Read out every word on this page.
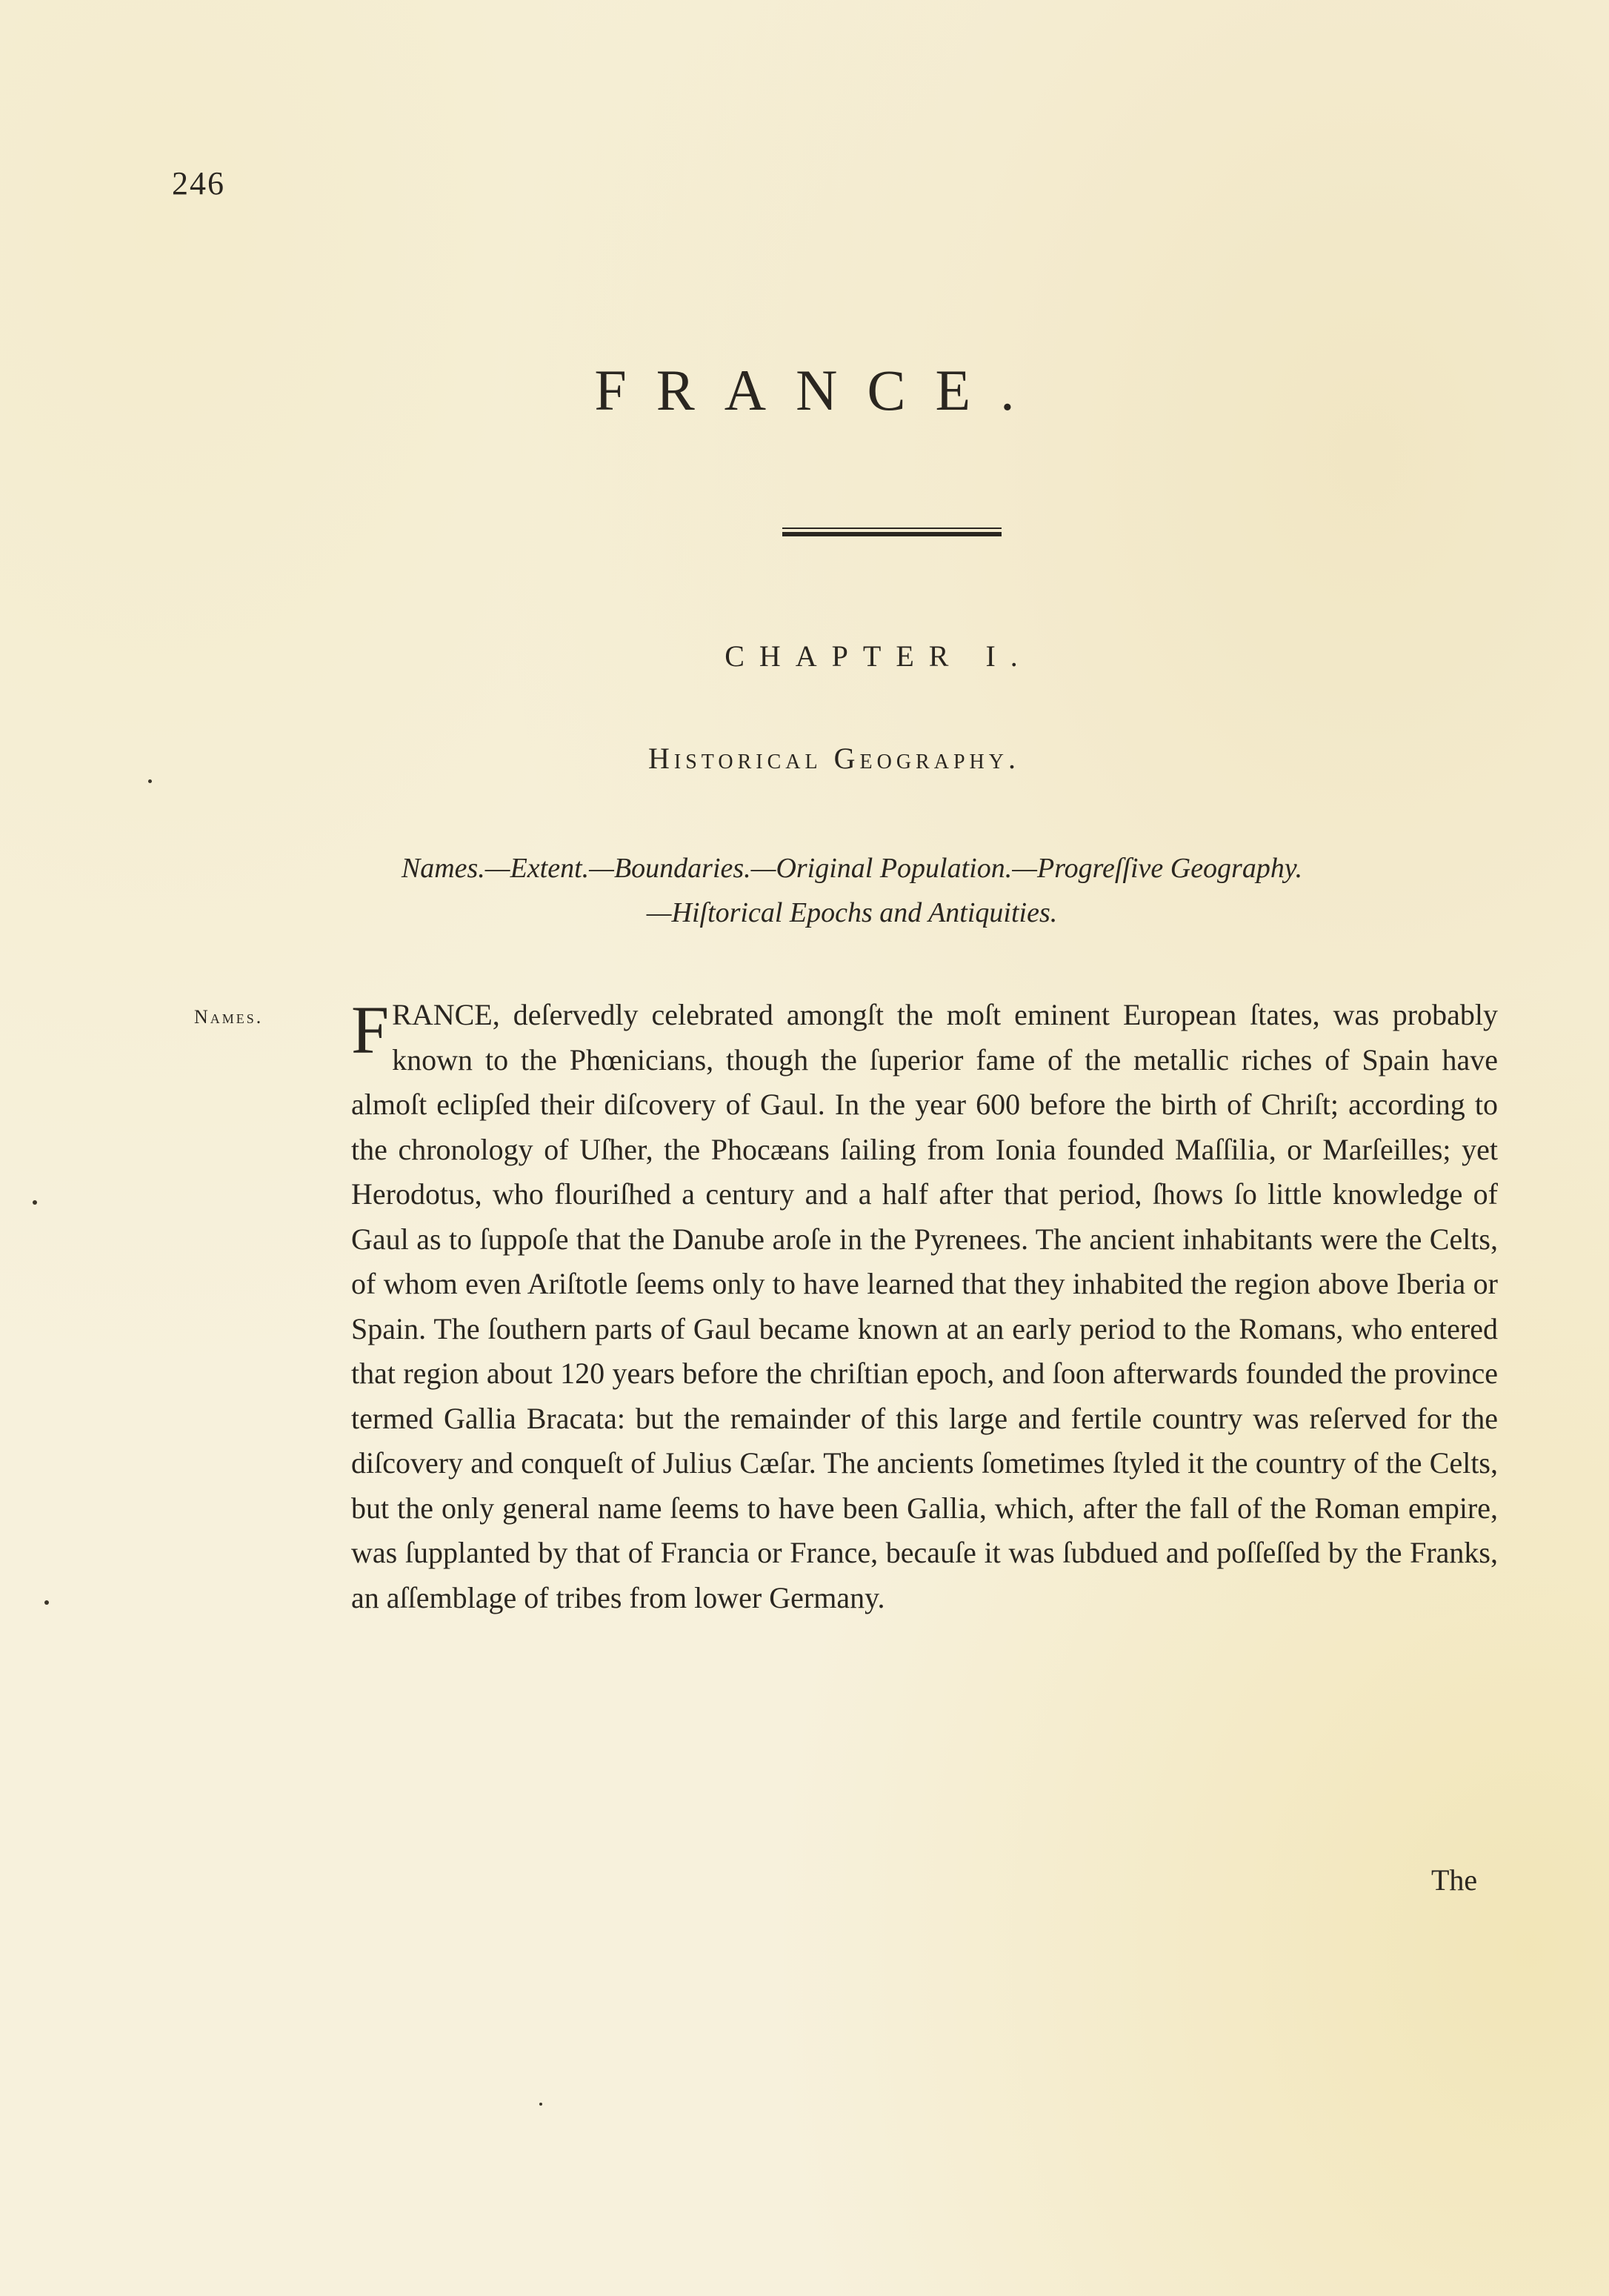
246
FRANCE.
CHAPTER I.
Historical Geography.
Names.—Extent.—Boundaries.—Original Population.—Progreſſive Geography.
—Hiſtorical Epochs and Antiquities.
Names. FRANCE, deſervedly celebrated amongſt the moſt eminent European ſtates, was probably known to the Phœnicians, though the ſuperior fame of the metallic riches of Spain have almoſt eclipſed their diſcovery of Gaul. In the year 600 before the birth of Chriſt; according to the chronology of Uſher, the Phocæans ſailing from Ionia founded Maſſilia, or Marſeilles; yet Herodotus, who flouriſhed a century and a half after that period, ſhows ſo little knowledge of Gaul as to ſuppoſe that the Danube aroſe in the Pyrenees. The ancient inhabitants were the Celts, of whom even Ariſtotle ſeems only to have learned that they inhabited the region above Iberia or Spain. The ſouthern parts of Gaul became known at an early period to the Romans, who entered that region about 120 years before the chriſtian epoch, and ſoon afterwards founded the province termed Gallia Bracata: but the remainder of this large and fertile country was reſerved for the diſcovery and conqueſt of Julius Cæſar. The ancients ſometimes ſtyled it the country of the Celts, but the only general name ſeems to have been Gallia, which, after the fall of the Roman empire, was ſupplanted by that of Francia or France, becauſe it was ſubdued and poſſeſſed by the Franks, an aſſemblage of tribes from lower Germany.
The
